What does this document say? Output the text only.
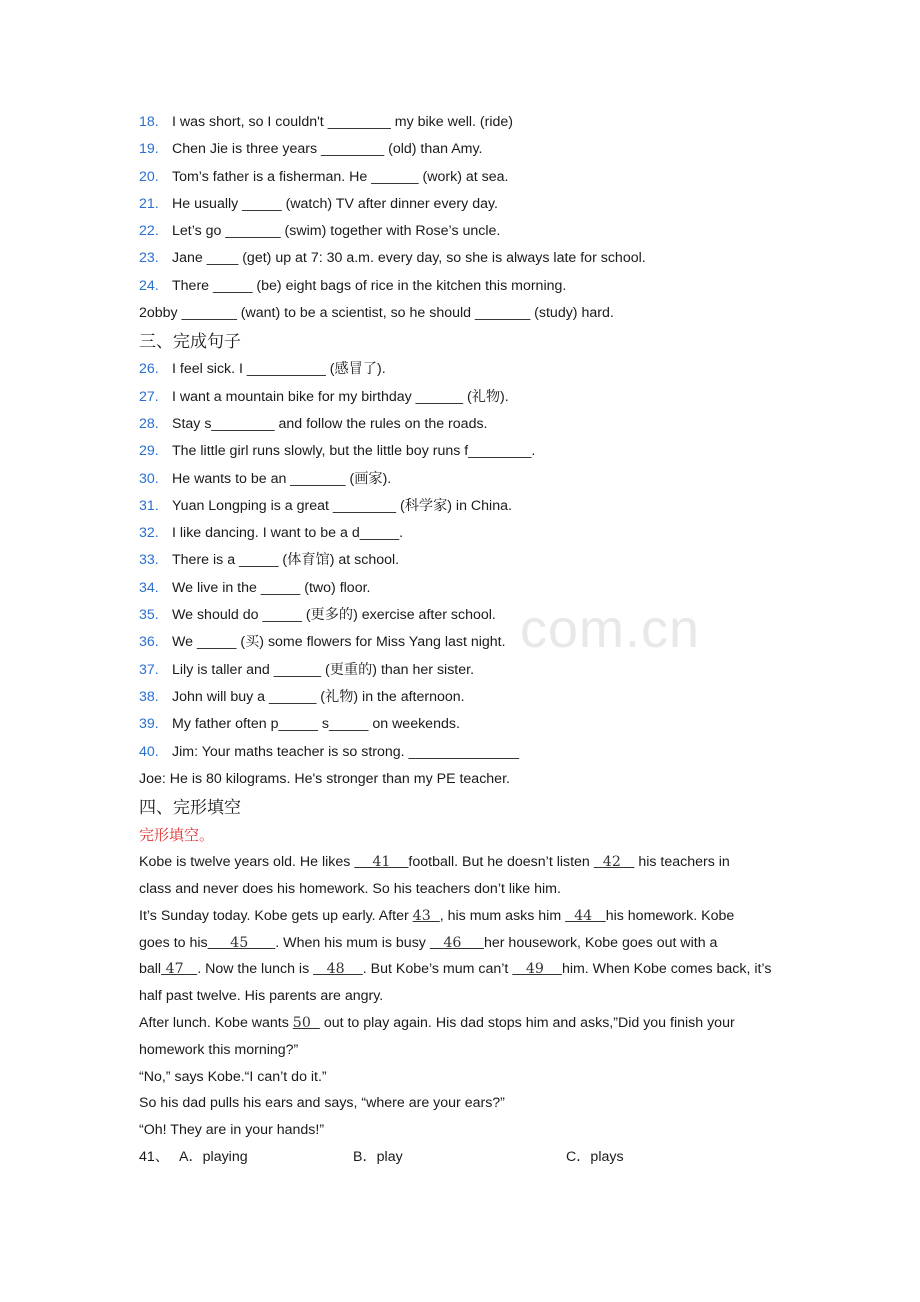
com.cn
18. I was short, so I couldn't ________ my bike well. (ride)
19. Chen Jie is three years ________ (old) than Amy.
20. Tom’s father is a fisherman. He ______ (work) at sea.
21. He usually _____ (watch) TV after dinner every day.
22. Let’s go _______ (swim) together with Rose’s uncle.
23. Jane ____ (get) up at 7: 30 a.m. every day, so she is always late for school.
24. There _____ (be) eight bags of rice in the kitchen this morning.
2obby _______ (want) to be a scientist, so he should _______ (study) hard.
三、完成句子
26. I feel sick. I __________ (感冒了).
27. I want a mountain bike for my birthday ______ (礼物).
28. Stay s________ and follow the rules on the roads.
29. The little girl runs slowly, but the little boy runs f________.
30. He wants to be an _______ (画家).
31. Yuan Longping is a great ________ (科学家) in China.
32. I like dancing. I want to be a d_____.
33. There is a _____ (体育馆) at school.
34. We live in the _____ (two) floor.
35. We should do _____ (更多的) exercise after school.
36. We _____ (买) some flowers for Miss Yang last night.
37. Lily is taller and ______ (更重的) than her sister.
38. John will buy a ______ (礼物) in the afternoon.
39. My father often p_____ s_____ on weekends.
40. Jim: Your maths teacher is so strong. ______________
Joe: He is 80 kilograms. He's stronger than my PE teacher.
四、完形填空
完形填空。
Kobe is twelve years old. He likes     41    football. But he doesn’t listen   42    his teachers in
class and never does his homework. So his teachers don’t like him.
It’s Sunday today. Kobe gets up early. After 43  , his mum asks him   44   his homework. Kobe
goes to his     45      . When his mum is busy    46     her housework, Kobe goes out with a
ball 47   . Now the lunch is    48    . But Kobe’s mum can’t    49    him. When Kobe comes back, it’s
half past twelve. His parents are angry.
After lunch. Kobe wants 50   out to play again. His dad stops him and asks,”Did you finish your
homework this morning?”
“No,” says Kobe.“I can’t do it.”
So his dad pulls his ears and says, “where are your ears?”
“Oh! They are in your hands!”
41、 A．playing	B．play	C．plays
